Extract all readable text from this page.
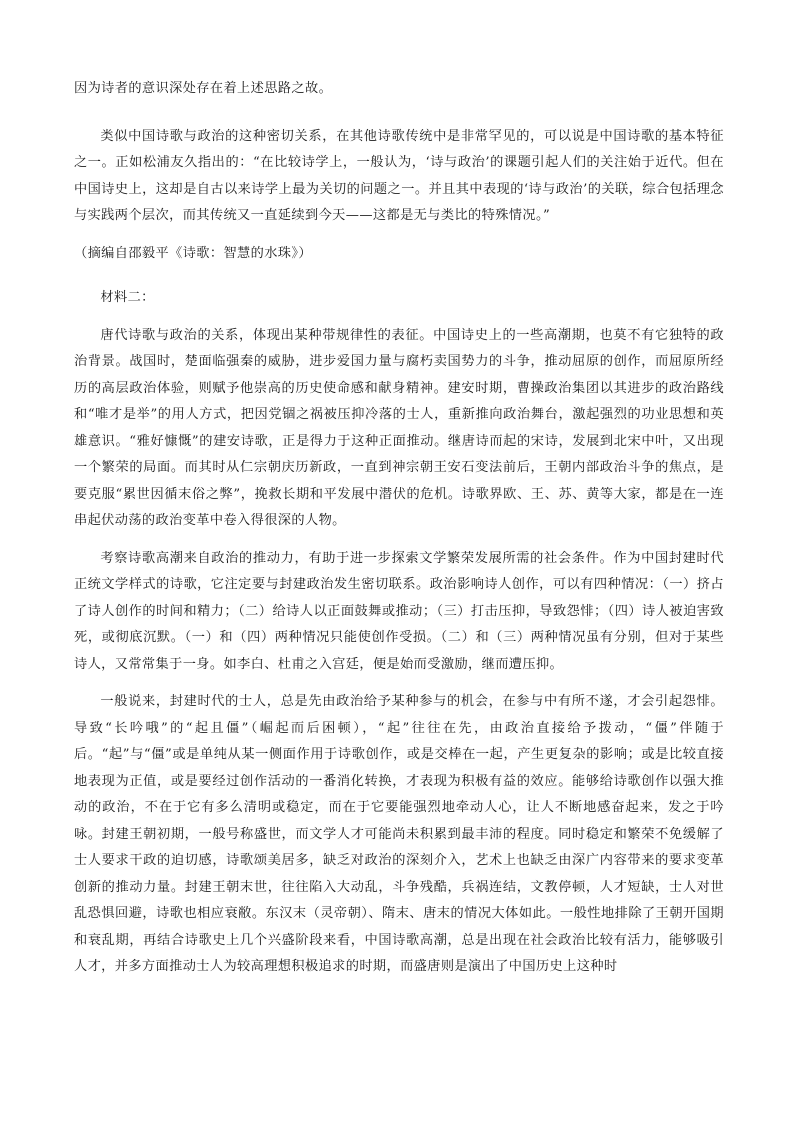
因为诗者的意识深处存在着上述思路之故。

类似中国诗歌与政治的这种密切关系，在其他诗歌传统中是非常罕见的，可以说是中国诗歌的基本特征之一。正如松浦友久指出的：“在比较诗学上，一般认为，‘诗与政治’的课题引起人们的关注始于近代。但在中国诗史上，这却是自古以来诗学上最为关切的问题之一。并且其中表现的‘诗与政治’的关联，综合包括理念与实践两个层次，而其传统又一直延续到今天——这都是无与类比的特殊情况。”

（摘编自邵毅平《诗歌：智慧的水珠》）

材料二：

唐代诗歌与政治的关系，体现出某种带规律性的表征。中国诗史上的一些高潮期，也莫不有它独特的政治背景。战国时，楚面临强秦的威胁，进步爱国力量与腐朽卖国势力的斗争，推动屈原的创作，而屈原所经历的高层政治体验，则赋予他崇高的历史使命感和献身精神。建安时期，曹操政治集团以其进步的政治路线和“唯才是举”的用人方式，把因党锢之祸被压抑冷落的士人，重新推向政治舞台，激起强烈的功业思想和英雄意识。“雅好慷慨”的建安诗歌，正是得力于这种正面推动。继唐诗而起的宋诗，发展到北宋中叶，又出现一个繁荣的局面。而其时从仁宗朝庆历新政，一直到神宗朝王安石变法前后，王朝内部政治斗争的焦点，是要克服“累世因循末俗之弊”，挽救长期和平发展中潜伏的危机。诗歌界欧、王、苏、黄等大家，都是在一连串起伏动荡的政治变革中卷入得很深的人物。

考察诗歌高潮来自政治的推动力，有助于进一步探索文学繁荣发展所需的社会条件。作为中国封建时代正统文学样式的诗歌，它注定要与封建政治发生密切联系。政治影响诗人创作，可以有四种情况：（一）挤占了诗人创作的时间和精力；（二）给诗人以正面鼓舞或推动；（三）打击压抑，导致怨悱；（四）诗人被迫害致死，或彻底沉默。（一）和（四）两种情况只能使创作受损。（二）和（三）两种情况虽有分别，但对于某些诗人，又常常集于一身。如李白、杜甫之入宫廷，便是始而受激励，继而遭压抑。

一般说来，封建时代的士人，总是先由政治给予某种参与的机会，在参与中有所不遂，才会引起怨悱。导致“长吟哦”的“起且僵”（崛起而后困顿），“起”往往在先，由政治直接给予拨动，“僵”伴随于后。“起”与“僵”或是单纯从某一侧面作用于诗歌创作，或是交棒在一起，产生更复杂的影响；或是比较直接地表现为正值，或是要经过创作活动的一番消化转换，才表现为积极有益的效应。能够给诗歌创作以强大推动的政治，不在于它有多么清明或稳定，而在于它要能强烈地牵动人心，让人不断地感奋起来，发之于吟咏。封建王朝初期，一般号称盛世，而文学人才可能尚未积累到最丰沛的程度。同时稳定和繁荣不免缓解了士人要求干政的迫切感，诗歌颂美居多，缺乏对政治的深刻介入，艺术上也缺乏由深广内容带来的要求变革创新的推动力量。封建王朝末世，往往陷入大动乱，斗争残酷，兵祸连结，文教停顿，人才短缺，士人对世乱恐惧回避，诗歌也相应衰敝。东汉末（灵帝朝）、隋末、唐末的情况大体如此。一般性地排除了王朝开国期和衰乱期，再结合诗歌史上几个兴盛阶段来看，中国诗歌高潮，总是出现在社会政治比较有活力，能够吸引人才，并多方面推动士人为较高理想积极追求的时期，而盛唐则是演出了中国历史上这种时
